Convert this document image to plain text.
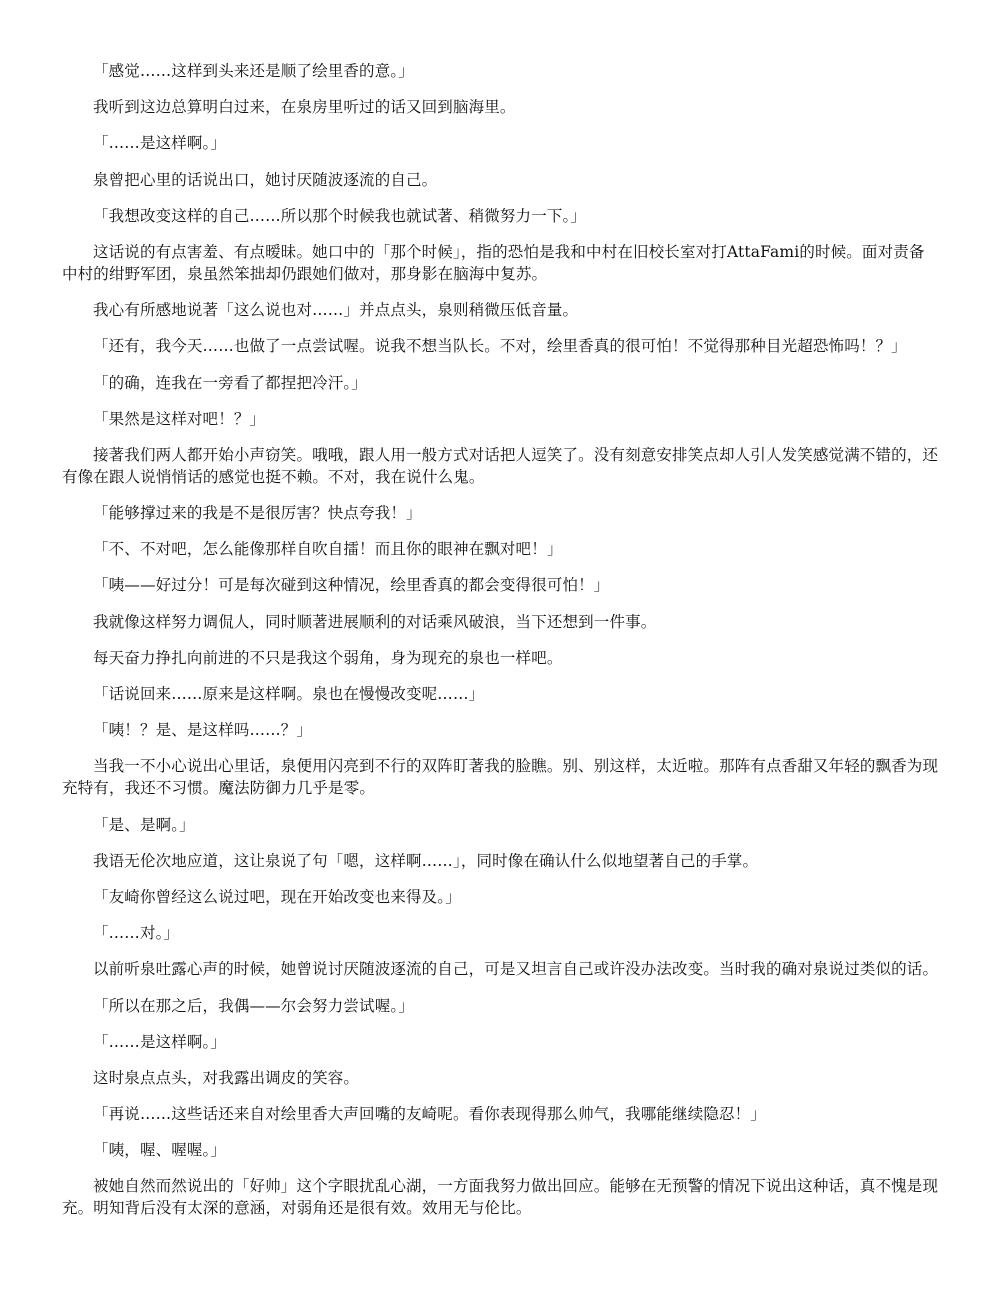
「感觉……这样到头来还是顺了绘里香的意。」

我听到这边总算明白过来，在泉房里听过的话又回到脑海里。

「……是这样啊。」

泉曾把心里的话说出口，她讨厌随波逐流的自己。

「我想改变这样的自己……所以那个时候我也就试著、稍微努力一下。」

这话说的有点害羞、有点暧昧。她口中的「那个时候」，指的恐怕是我和中村在旧校长室对打AttaFami的时候。面对责备中村的绀野军团，泉虽然笨拙却仍跟她们做对，那身影在脑海中复苏。

我心有所感地说著「这么说也对……」并点点头，泉则稍微压低音量。

「还有，我今天……也做了一点尝试喔。说我不想当队长。不对，绘里香真的很可怕！不觉得那种目光超恐怖吗！？」

「的确，连我在一旁看了都捏把冷汗。」

「果然是这样对吧！？」

接著我们两人都开始小声窃笑。哦哦，跟人用一般方式对话把人逗笑了。没有刻意安排笑点却人引人发笑感觉满不错的，还有像在跟人说悄悄话的感觉也挺不赖。不对，我在说什么鬼。

「能够撑过来的我是不是很厉害？快点夸我！」

「不、不对吧，怎么能像那样自吹自擂！而且你的眼神在飘对吧！」

「咦——好过分！可是每次碰到这种情况，绘里香真的都会变得很可怕！」

我就像这样努力调侃人，同时顺著进展顺利的对话乘风破浪，当下还想到一件事。

每天奋力挣扎向前进的不只是我这个弱角，身为现充的泉也一样吧。

「话说回来……原来是这样啊。泉也在慢慢改变呢……」

「咦！？是、是这样吗……？」

当我一不小心说出心里话，泉便用闪亮到不行的双阵盯著我的脸瞧。别、别这样，太近啦。那阵有点香甜又年轻的飘香为现充特有，我还不习惯。魔法防御力几乎是零。

「是、是啊。」

我语无伦次地应道，这让泉说了句「嗯，这样啊……」，同时像在确认什么似地望著自己的手掌。

「友崎你曾经这么说过吧，现在开始改变也来得及。」

「……对。」

以前听泉吐露心声的时候，她曾说讨厌随波逐流的自己，可是又坦言自己或许没办法改变。当时我的确对泉说过类似的话。

「所以在那之后，我偶——尔会努力尝试喔。」

「……是这样啊。」

这时泉点点头，对我露出调皮的笑容。

「再说……这些话还来自对绘里香大声回嘴的友崎呢。看你表现得那么帅气，我哪能继续隐忍！」

「咦，喔、喔喔。」

被她自然而然说出的「好帅」这个字眼扰乱心湖，一方面我努力做出回应。能够在无预警的情况下说出这种话，真不愧是现充。明知背后没有太深的意涵，对弱角还是很有效。效用无与伦比。
